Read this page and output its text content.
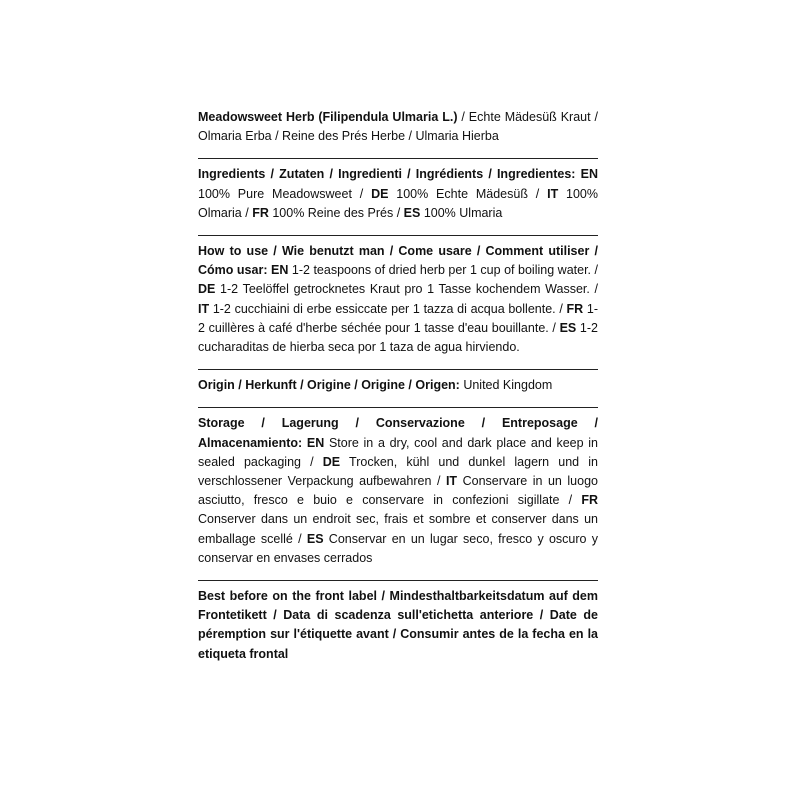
Meadowsweet Herb (Filipendula Ulmaria L.) / Echte Mädesüß Kraut / Olmaria Erba / Reine des Prés Herbe / Ulmaria Hierba
Ingredients / Zutaten / Ingredienti / Ingrédients / Ingredientes: EN 100% Pure Meadowsweet / DE 100% Echte Mädesüß / IT 100% Olmaria / FR 100% Reine des Prés / ES 100% Ulmaria
How to use / Wie benutzt man / Come usare / Comment utiliser / Cómo usar: EN 1-2 teaspoons of dried herb per 1 cup of boiling water. / DE 1-2 Teelöffel getrocknetes Kraut pro 1 Tasse kochendem Wasser. / IT 1-2 cucchiaini di erbe essiccate per 1 tazza di acqua bollente. / FR 1-2 cuillères à café d'herbe séchée pour 1 tasse d'eau bouillante. / ES 1-2 cucharaditas de hierba seca por 1 taza de agua hirviendo.
Origin / Herkunft / Origine / Origine / Origen: United Kingdom
Storage / Lagerung / Conservazione / Entreposage / Almacenamiento: EN Store in a dry, cool and dark place and keep in sealed packaging / DE Trocken, kühl und dunkel lagern und in verschlossener Verpackung aufbewahren / IT Conservare in un luogo asciutto, fresco e buio e conservare in confezioni sigillate / FR Conserver dans un endroit sec, frais et sombre et conserver dans un emballage scellé / ES Conservar en un lugar seco, fresco y oscuro y conservar en envases cerrados
Best before on the front label / Mindesthaltbarkeitsdatum auf dem Frontetikett / Data di scadenza sull'etichetta anteriore / Date de péremption sur l'étiquette avant / Consumir antes de la fecha en la etiqueta frontal
